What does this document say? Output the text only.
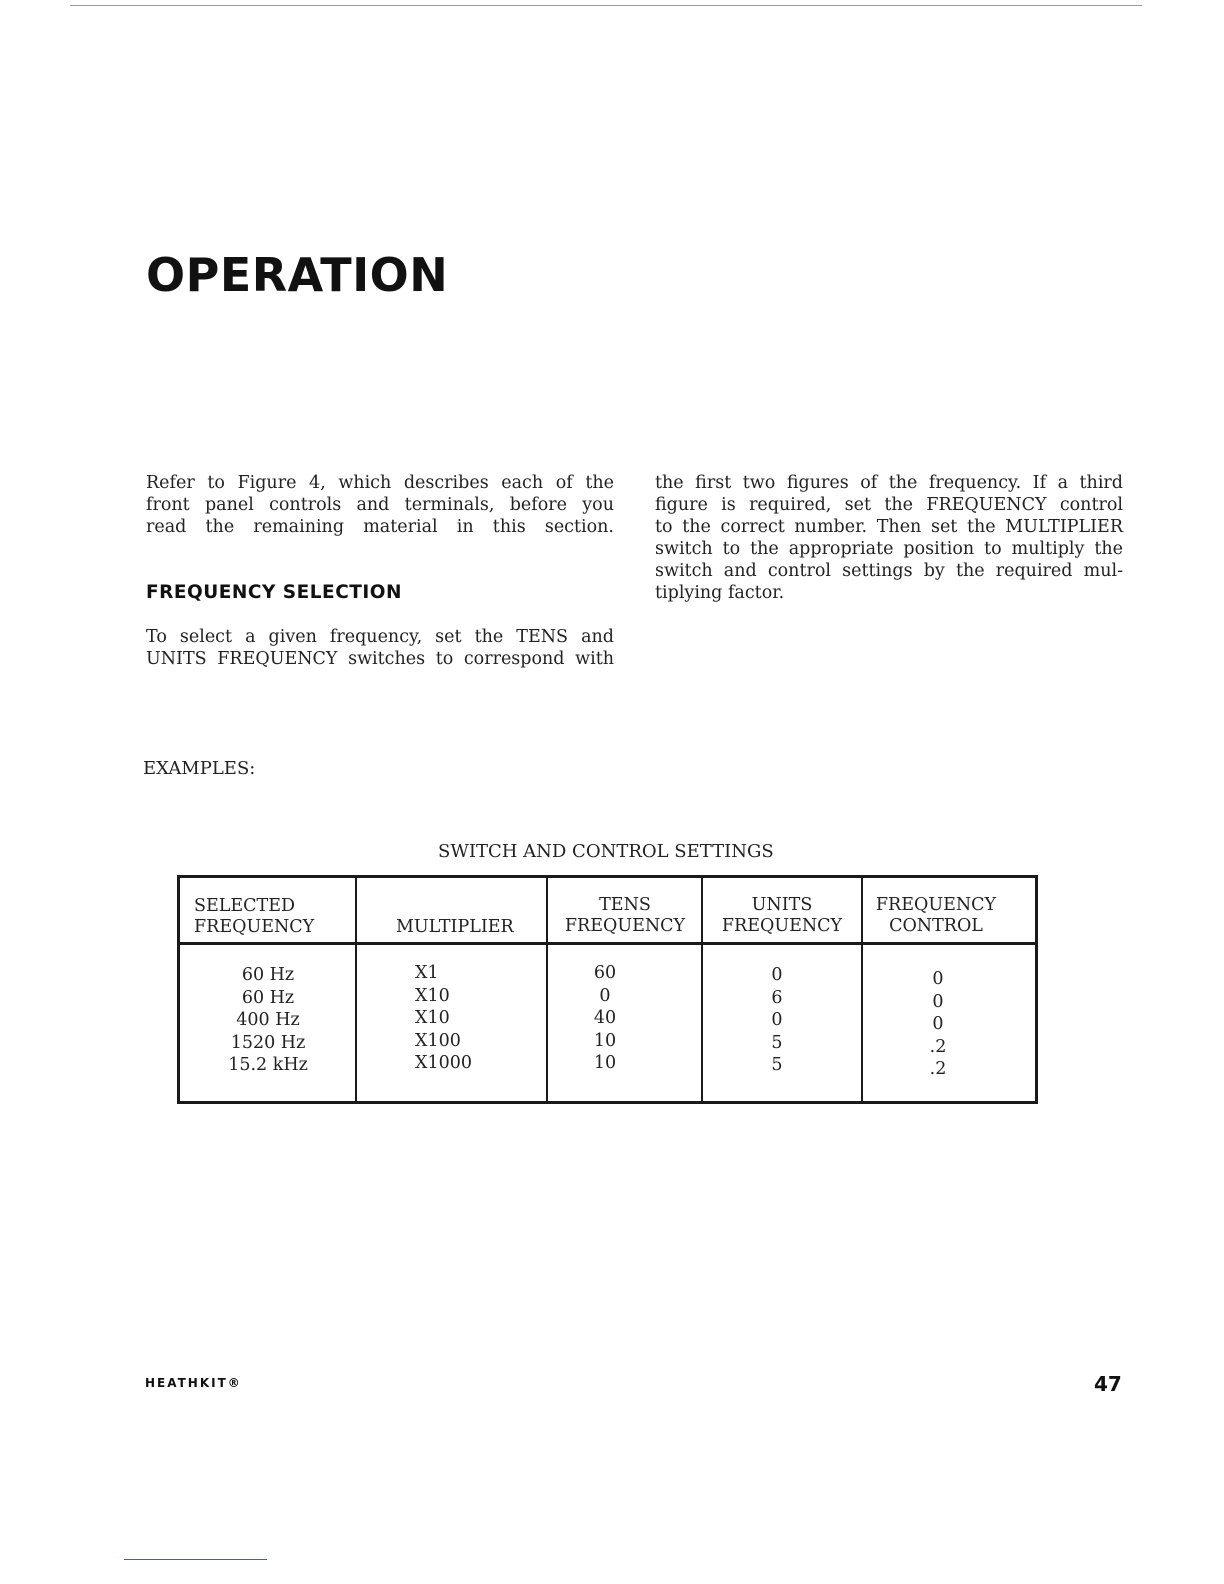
OPERATION

Refer to Figure 4, which describes each of the

front panel controls and terminals, before you

read the remaining material in this section.

FREQUENCY SELECTION

To select a given frequency, set the TENS and

UNITS FREQUENCY switches to correspond with

the first two figures of the frequency. If a third

figure is required, set the FREQUENCY control

to the correct number. Then set the MULTIPLIER

switch to the appropriate position to multiply the

switch and control settings by the required mul-

tiplying factor.

EXAMPLES:
SWITCH AND CONTROL SETTINGS
SELECTED
FREQUENCY	MULTIPLIER
TENS
FREQUENCY
UNITS
FREQUENCY
FREQUENCY
CONTROL
60 Hz
60 Hz
400 Hz
1520 Hz
15.2 kHz
X1
X10
X10
X100
X1000
60
0
40
10
10
0
6
0
5
5
0
0
0
.2
.2
HEATHKIT®	47
